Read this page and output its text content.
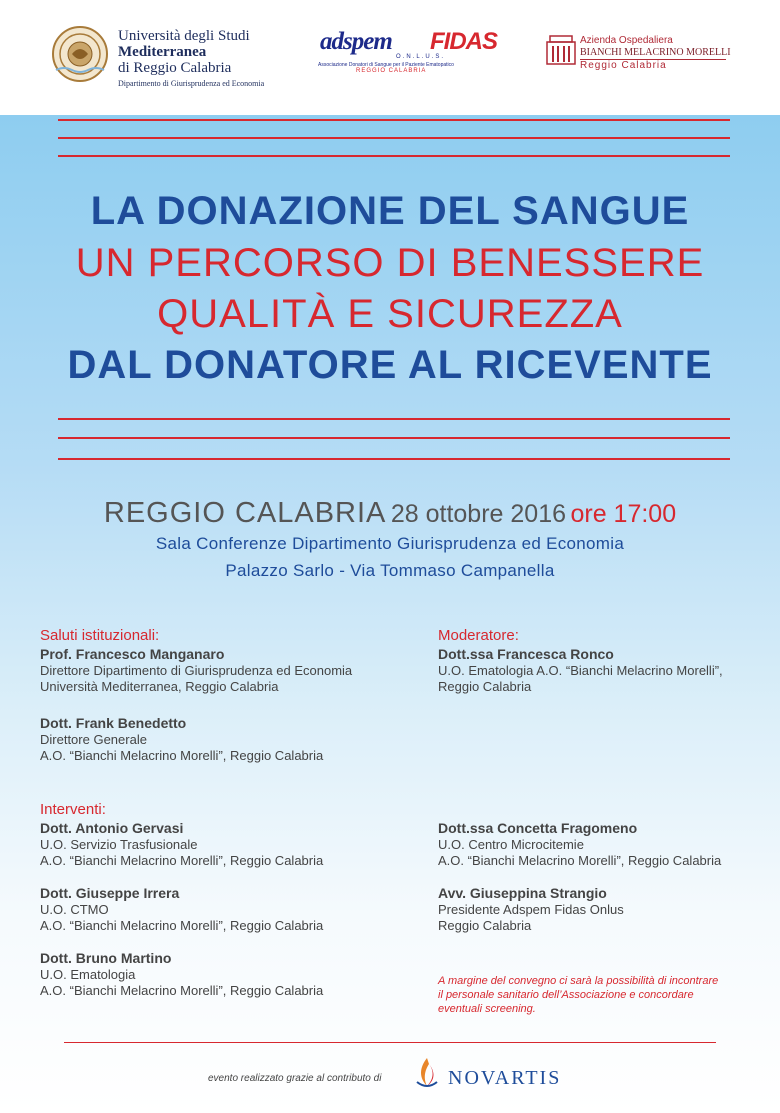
Università degli Studi
Mediterranea
di Reggio Calabria
Dipartimento di Giurisprudenza ed Economia
adspem FIDAS
O.N.L.U.S.
Associazione Donatori di Sangue per il Paziente Ematopatico
REGGIO CALABRIA
Azienda Ospedaliera
BIANCHI MELACRINO MORELLI
Reggio Calabria
LA DONAZIONE DEL SANGUE
UN PERCORSO DI BENESSERE
QUALITÀ E SICUREZZA
DAL DONATORE AL RICEVENTE
REGGIO CALABRIA 28 ottobre 2016 ore 17:00
Sala Conferenze Dipartimento Giurisprudenza ed Economia
Palazzo Sarlo - Via Tommaso Campanella
Saluti istituzionali:
Prof. Francesco Manganaro
Direttore Dipartimento di Giurisprudenza ed Economia
Università Mediterranea, Reggio Calabria
Dott. Frank Benedetto
Direttore Generale
A.O. “Bianchi Melacrino Morelli”, Reggio Calabria
Moderatore:
Dott.ssa Francesca Ronco
U.O. Ematologia A.O. “Bianchi Melacrino Morelli”,
Reggio Calabria
Interventi:
Dott. Antonio Gervasi
U.O. Servizio Trasfusionale
A.O. “Bianchi Melacrino Morelli”, Reggio Calabria
Dott. Giuseppe Irrera
U.O. CTMO
A.O. “Bianchi Melacrino Morelli”, Reggio Calabria
Dott. Bruno Martino
U.O. Ematologia
A.O. “Bianchi Melacrino Morelli”, Reggio Calabria
Dott.ssa Concetta Fragomeno
U.O. Centro Microcitemie
A.O. “Bianchi Melacrino Morelli”, Reggio Calabria
Avv. Giuseppina Strangio
Presidente Adspem Fidas Onlus
Reggio Calabria
A margine del convegno ci sarà la possibilità di incontrare
il personale sanitario dell’Associazione e concordare
eventuali screening.
evento realizzato grazie al contributo di	NOVARTIS
